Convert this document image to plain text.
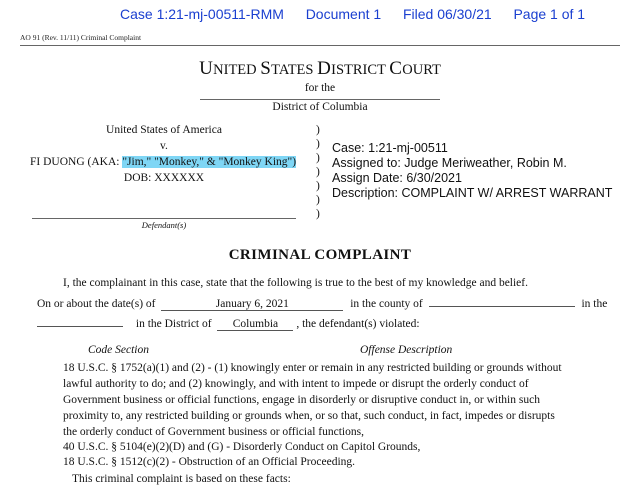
Case 1:21-mj-00511-RMM Document 1 Filed 06/30/21 Page 1 of 1
AO 91 (Rev. 11/11) Criminal Complaint
UNITED STATES DISTRICT COURT
for the
District of Columbia
United States of America
v.
FI DUONG (AKA: "Jim," "Monkey," & "Monkey King")
DOB: XXXXXX
Defendant(s)
)
)
)
)
)
)
)
Case: 1:21-mj-00511
Assigned to: Judge Meriweather, Robin M.
Assign Date: 6/30/2021
Description: COMPLAINT W/ ARREST WARRANT
CRIMINAL COMPLAINT
I, the complainant in this case, state that the following is true to the best of my knowledge and belief.
On or about the date(s) of	January 6, 2021	in the county of	in the
in the District of Columbia , the defendant(s) violated:
Code Section	Offense Description
18 U.S.C. § 1752(a)(1) and (2) - (1) knowingly enter or remain in any restricted building or grounds without
lawful authority to do; and (2) knowingly, and with intent to impede or disrupt the orderly conduct of
Government business or official functions, engage in disorderly or disruptive conduct in, or within such
proximity to, any restricted building or grounds when, or so that, such conduct, in fact, impedes or disrupts
the orderly conduct of Government business or official functions,
40 U.S.C. § 5104(e)(2)(D) and (G) - Disorderly Conduct on Capitol Grounds,
18 U.S.C. § 1512(c)(2) - Obstruction of an Official Proceeding.
This criminal complaint is based on these facts:
